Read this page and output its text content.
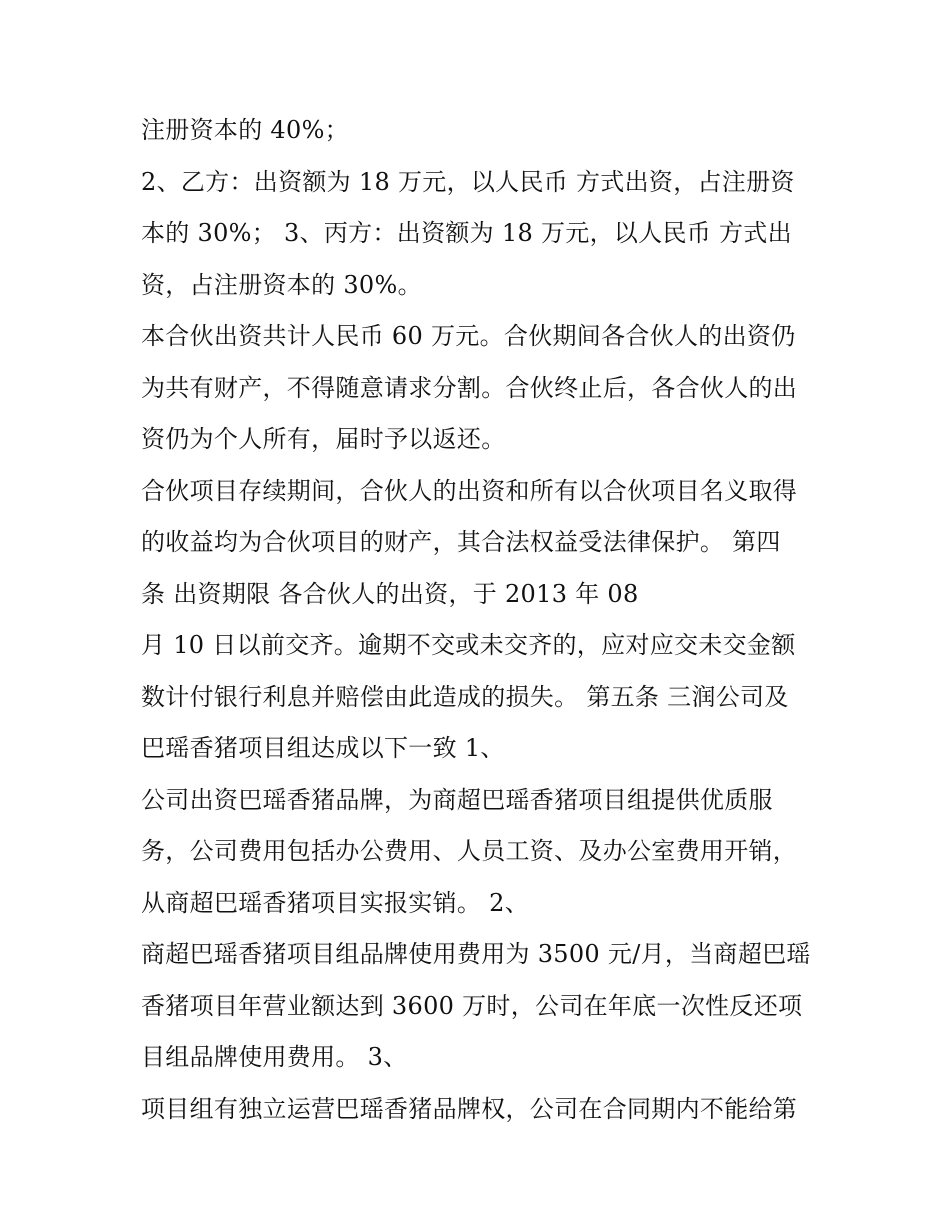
注册资本的 40%；
2、乙方：出资额为 18 万元，以人民币 方式出资，占注册资
本的 30%； 3、丙方：出资额为 18 万元，以人民币 方式出
资，占注册资本的 30%。
本合伙出资共计人民币 60 万元。合伙期间各合伙人的出资仍
为共有财产，不得随意请求分割。合伙终止后，各合伙人的出
资仍为个人所有，届时予以返还。
合伙项目存续期间，合伙人的出资和所有以合伙项目名义取得
的收益均为合伙项目的财产，其合法权益受法律保护。 第四
条 出资期限 各合伙人的出资，于 2013 年 08
月 10 日以前交齐。逾期不交或未交齐的，应对应交未交金额
数计付银行利息并赔偿由此造成的损失。 第五条 三润公司及
巴瑶香猪项目组达成以下一致 1、
公司出资巴瑶香猪品牌，为商超巴瑶香猪项目组提供优质服
务，公司费用包括办公费用、人员工资、及办公室费用开销，
从商超巴瑶香猪项目实报实销。 2、
商超巴瑶香猪项目组品牌使用费用为 3500 元/月，当商超巴瑶
香猪项目年营业额达到 3600 万时，公司在年底一次性反还项
目组品牌使用费用。 3、
项目组有独立运营巴瑶香猪品牌权，公司在合同期内不能给第
